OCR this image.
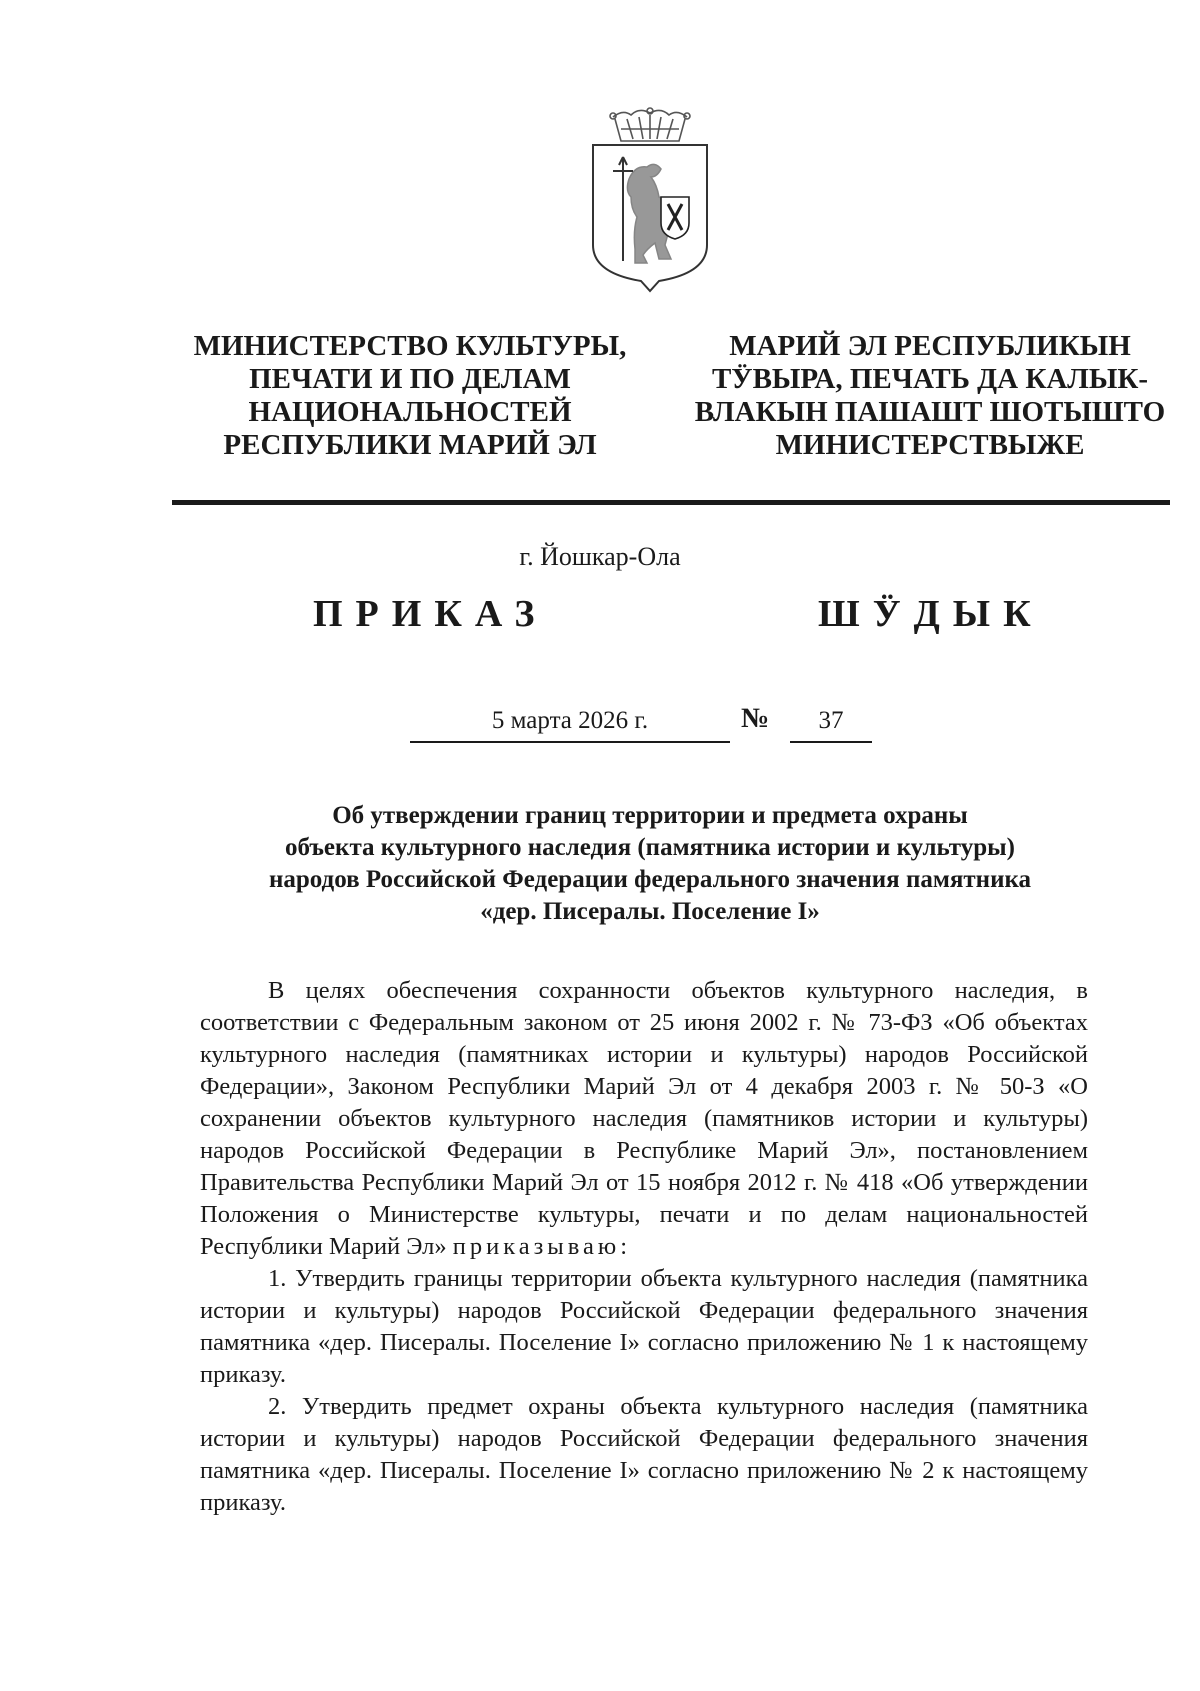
МИНИСТЕРСТВО КУЛЬТУРЫ,
ПЕЧАТИ И ПО ДЕЛАМ
НАЦИОНАЛЬНОСТЕЙ
РЕСПУБЛИКИ МАРИЙ ЭЛ
МАРИЙ ЭЛ РЕСПУБЛИКЫН
ТӰВЫРА, ПЕЧАТЬ ДА КАЛЫК-
ВЛАКЫН ПАШАШТ ШОТЫШТО
МИНИСТЕРСТВЫЖЕ
г. Йошкар-Ола
ПРИКАЗ	ШӰДЫК
5 марта 2026 г.	№	37
Об утверждении границ территории и предмета охраны
объекта культурного наследия (памятника истории и культуры)
народов Российской Федерации федерального значения памятника
«дер. Писералы. Поселение I»

В целях обеспечения сохранности объектов культурного наследия, в соответствии с Федеральным законом от 25 июня 2002 г. № 73-ФЗ «Об объектах культурного наследия (памятниках истории и культуры) народов Российской Федерации», Законом Республики Марий Эл от 4 декабря 2003 г. № 50-З «О сохранении объектов культурного наследия (памятников истории и культуры) народов Российской Федерации в Республике Марий Эл», постановлением Правительства Республики Марий Эл от 15 ноября 2012 г. № 418 «Об утверждении Положения о Министерстве культуры, печати и по делам национальностей Республики Марий Эл» приказываю:

1. Утвердить границы территории объекта культурного наследия (памятника истории и культуры) народов Российской Федерации федерального значения памятника «дер. Писералы. Поселение I» согласно приложению № 1 к настоящему приказу.

2. Утвердить предмет охраны объекта культурного наследия (памятника истории и культуры) народов Российской Федерации федерального значения памятника «дер. Писералы. Поселение I» согласно приложению № 2 к настоящему приказу.
